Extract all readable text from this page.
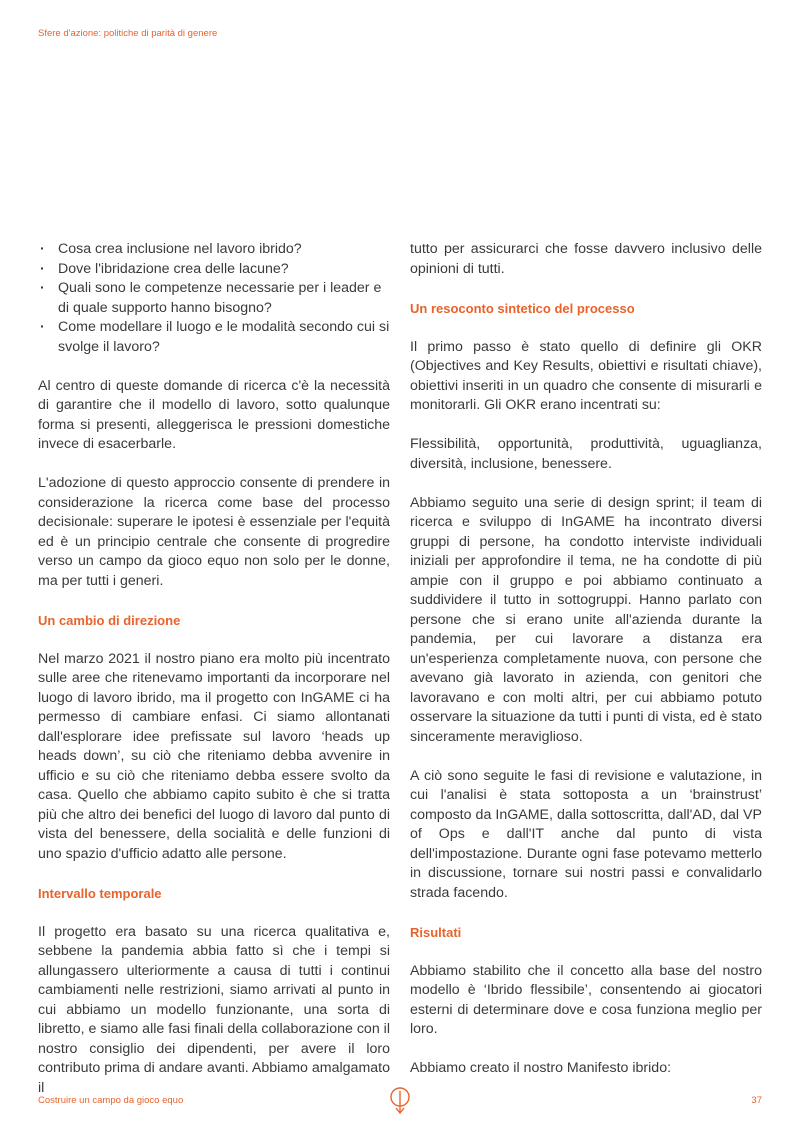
Sfere d'azione: politiche di parità di genere
· Cosa crea inclusione nel lavoro ibrido?
· Dove l'ibridazione crea delle lacune?
· Quali sono le competenze necessarie per i leader e di quale supporto hanno bisogno?
· Come modellare il luogo e le modalità secondo cui si svolge il lavoro?

Al centro di queste domande di ricerca c'è la necessità di garantire che il modello di lavoro, sotto qualunque forma si presenti, alleggerisca le pressioni domestiche invece di esacerbarle.

L'adozione di questo approccio consente di prendere in considerazione la ricerca come base del processo decisionale: superare le ipotesi è essenziale per l'equità ed è un principio centrale che consente di progredire verso un campo da gioco equo non solo per le donne, ma per tutti i generi.

Un cambio di direzione

Nel marzo 2021 il nostro piano era molto più incentrato sulle aree che ritenevamo importanti da incorporare nel luogo di lavoro ibrido, ma il progetto con InGAME ci ha permesso di cambiare enfasi. Ci siamo allontanati dall'esplorare idee prefissate sul lavoro ‘heads up heads down’, su ciò che riteniamo debba avvenire in ufficio e su ciò che riteniamo debba essere svolto da casa. Quello che abbiamo capito subito è che si tratta più che altro dei benefici del luogo di lavoro dal punto di vista del benessere, della socialità e delle funzioni di uno spazio d'ufficio adatto alle persone.

Intervallo temporale

Il progetto era basato su una ricerca qualitativa e, sebbene la pandemia abbia fatto sì che i tempi si allungassero ulteriormente a causa di tutti i continui cambiamenti nelle restrizioni, siamo arrivati al punto in cui abbiamo un modello funzionante, una sorta di libretto, e siamo alle fasi finali della collaborazione con il nostro consiglio dei dipendenti, per avere il loro contributo prima di andare avanti. Abbiamo amalgamato il

tutto per assicurarci che fosse davvero inclusivo delle opinioni di tutti.

Un resoconto sintetico del processo

Il primo passo è stato quello di definire gli OKR (Objectives and Key Results, obiettivi e risultati chiave), obiettivi inseriti in un quadro che consente di misurarli e monitorarli. Gli OKR erano incentrati su:

Flessibilità, opportunità, produttività, uguaglianza, diversità, inclusione, benessere.

Abbiamo seguito una serie di design sprint; il team di ricerca e sviluppo di InGAME ha incontrato diversi gruppi di persone, ha condotto interviste individuali iniziali per approfondire il tema, ne ha condotte di più ampie con il gruppo e poi abbiamo continuato a suddividere il tutto in sottogruppi. Hanno parlato con persone che si erano unite all'azienda durante la pandemia, per cui lavorare a distanza era un'esperienza completamente nuova, con persone che avevano già lavorato in azienda, con genitori che lavoravano e con molti altri, per cui abbiamo potuto osservare la situazione da tutti i punti di vista, ed è stato sinceramente meraviglioso.

A ciò sono seguite le fasi di revisione e valutazione, in cui l'analisi è stata sottoposta a un ‘brainstrust’ composto da InGAME, dalla sottoscritta, dall'AD, dal VP of Ops e dall'IT anche dal punto di vista dell'impostazione. Durante ogni fase potevamo metterlo in discussione, tornare sui nostri passi e convalidarlo strada facendo.

Risultati

Abbiamo stabilito che il concetto alla base del nostro modello è ‘Ibrido flessibile’, consentendo ai giocatori esterni di determinare dove e cosa funziona meglio per loro.

Abbiamo creato il nostro Manifesto ibrido:

Costruire un campo da gioco equo	37
